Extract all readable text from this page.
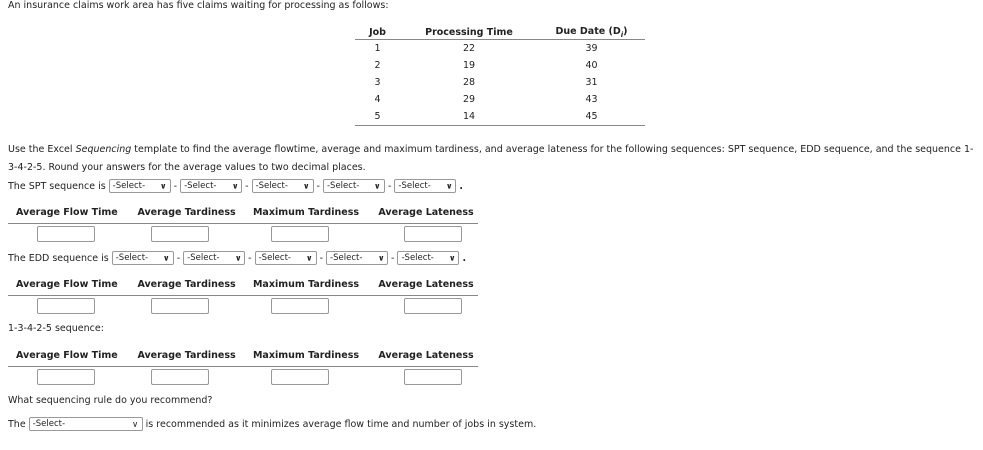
An insurance claims work area has five claims waiting for processing as follows:
Job	Processing Time	Due Date $(D_i)$
1	22	39
2	19	40
3	28	31
4	29	43
5	14	45
Use the Excel Sequencing template to find the average flowtime, average and maximum tardiness, and average lateness for the following sequences: SPT sequence, EDD sequence, and the sequence 1-3-4-2-5. Round your answers for the average values to two decimal places.
The SPT sequence is -Select- ∧ - -Select- ∧ - -Select- ∧ - -Select- ∧ - -Select- ∧ .
Average Flow Time	Average Tardiness	Maximum Tardiness	Average Lateness
The EDD sequence is -Select- ∧ - -Select- ∧ - -Select- ∧ - -Select- ∧ - -Select- ∧ .
Average Flow Time	Average Tardiness	Maximum Tardiness	Average Lateness
1-3-4-2-5 sequence:
Average Flow Time	Average Tardiness	Maximum Tardiness	Average Lateness
What sequencing rule do you recommend?
The -Select-	∧ is recommended as it minimizes average flow time and number of jobs in system.
